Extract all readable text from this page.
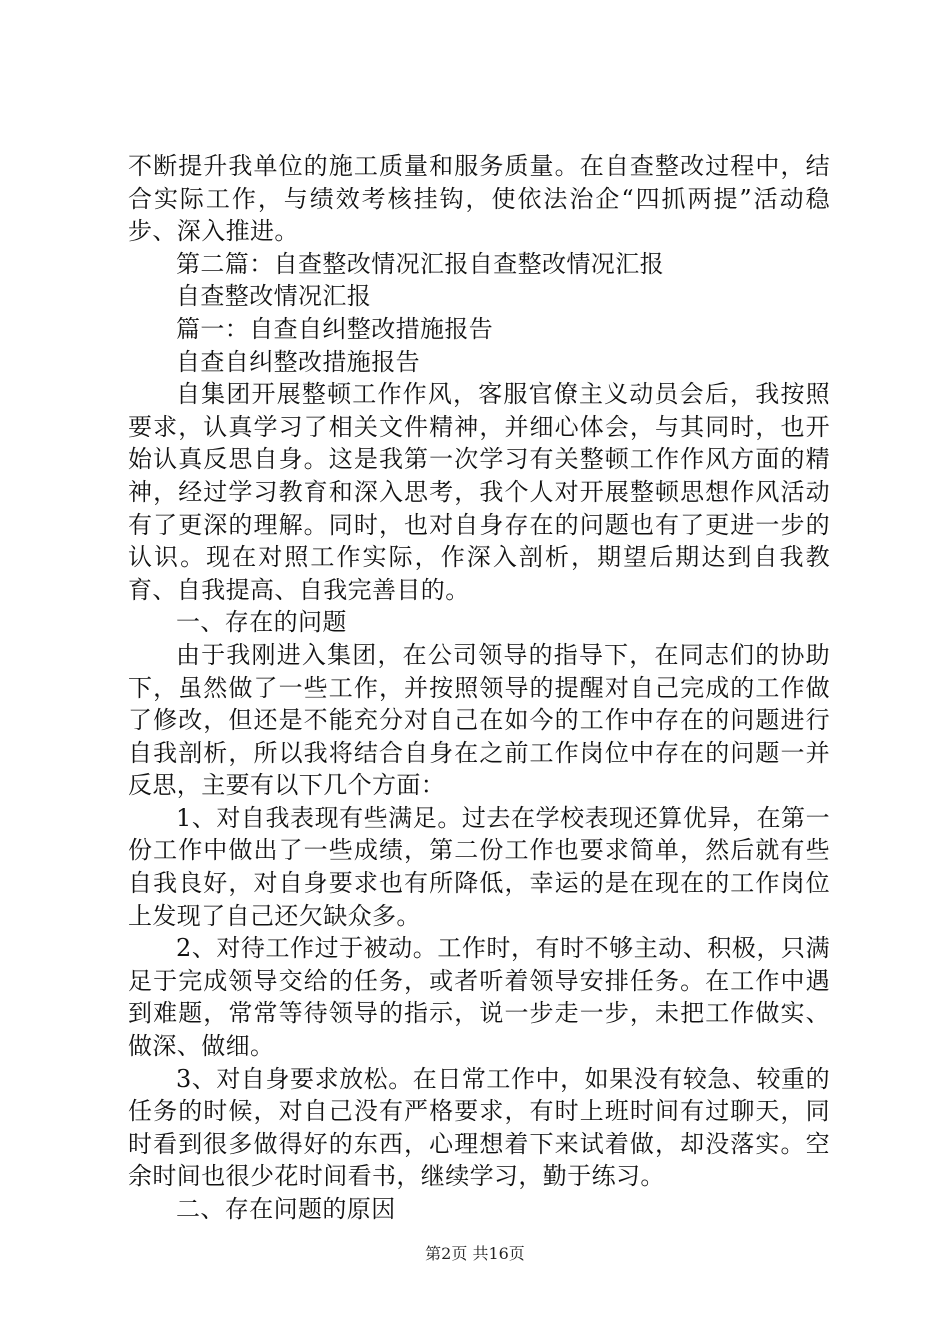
不断提升我单位的施工质量和服务质量。在自查整改过程中，结合实际工作，与绩效考核挂钩，使依法治企“四抓两提”活动稳步、深入推进。

第二篇：自查整改情况汇报自查整改情况汇报

自查整改情况汇报

篇一：自查自纠整改措施报告

自查自纠整改措施报告

自集团开展整顿工作作风，客服官僚主义动员会后，我按照要求，认真学习了相关文件精神，并细心体会，与其同时，也开始认真反思自身。这是我第一次学习有关整顿工作作风方面的精神，经过学习教育和深入思考，我个人对开展整顿思想作风活动有了更深的理解。同时，也对自身存在的问题也有了更进一步的认识。现在对照工作实际，作深入剖析，期望后期达到自我教育、自我提高、自我完善目的。

一、存在的问题

由于我刚进入集团，在公司领导的指导下，在同志们的协助下，虽然做了一些工作，并按照领导的提醒对自己完成的工作做了修改，但还是不能充分对自己在如今的工作中存在的问题进行自我剖析，所以我将结合自身在之前工作岗位中存在的问题一并反思，主要有以下几个方面：

1、对自我表现有些满足。过去在学校表现还算优异，在第一份工作中做出了一些成绩，第二份工作也要求简单，然后就有些自我良好，对自身要求也有所降低，幸运的是在现在的工作岗位上发现了自己还欠缺众多。

2、对待工作过于被动。工作时，有时不够主动、积极，只满足于完成领导交给的任务，或者听着领导安排任务。在工作中遇到难题，常常等待领导的指示，说一步走一步，未把工作做实、做深、做细。

3、对自身要求放松。在日常工作中，如果没有较急、较重的任务的时候，对自己没有严格要求，有时上班时间有过聊天，同时看到很多做得好的东西，心理想着下来试着做，却没落实。空余时间也很少花时间看书，继续学习，勤于练习。

二、存在问题的原因

第2页 共16页
